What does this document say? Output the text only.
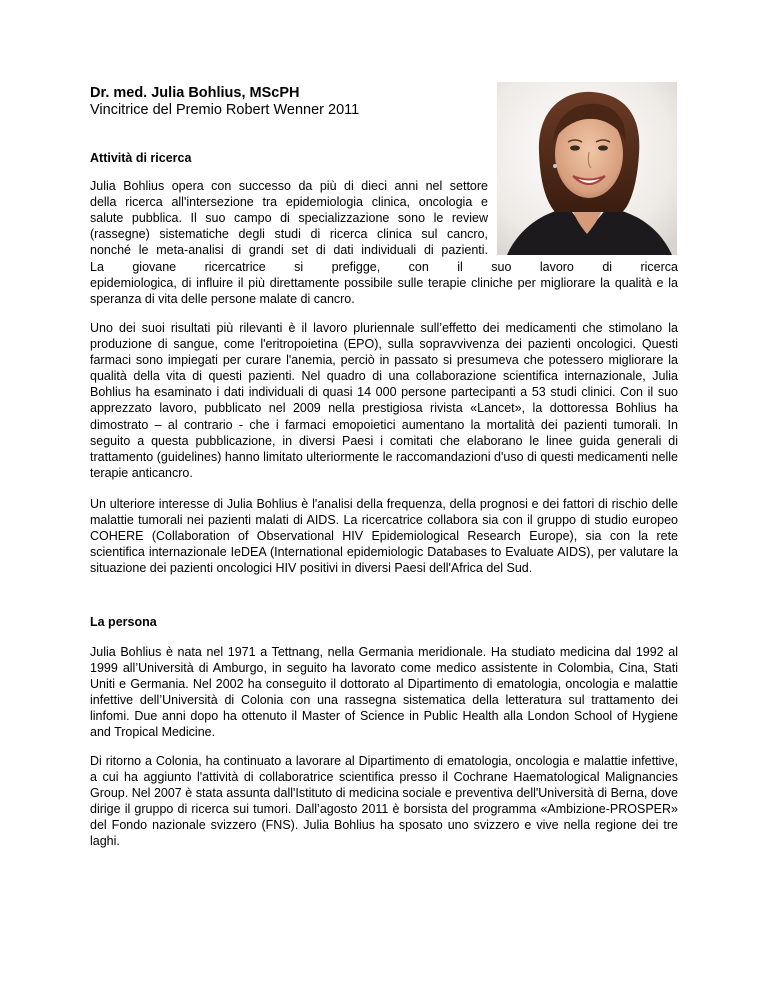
Dr. med. Julia Bohlius, MScPH
Vincitrice del Premio Robert Wenner 2011
Attività di ricerca
Julia Bohlius opera con successo da più di dieci anni nel settore
della ricerca all'intersezione tra epidemiologia clinica, oncologia e
salute pubblica. Il suo campo di specializzazione sono le review
(rassegne) sistematiche degli studi di ricerca clinica sul cancro,
nonché le meta-analisi di grandi set di dati individuali di pazienti.
La giovane ricercatrice si prefigge, con il suo lavoro di ricerca
epidemiologica, di influire il più direttamente possibile sulle terapie cliniche per migliorare la qualità e la speranza di vita delle persone malate di cancro.

Uno dei suoi risultati più rilevanti è il lavoro pluriennale sull’effetto dei medicamenti che stimolano la produzione di sangue, come l'eritropoietina (EPO), sulla sopravvivenza dei pazienti oncologici. Questi farmaci sono impiegati per curare l'anemia, perciò in passato si presumeva che potessero migliorare la qualità della vita di questi pazienti. Nel quadro di una collaborazione scientifica internazionale, Julia Bohlius ha esaminato i dati individuali di quasi 14 000 persone partecipanti a 53 studi clinici. Con il suo apprezzato lavoro, pubblicato nel 2009 nella prestigiosa rivista «Lancet», la dottoressa Bohlius ha dimostrato – al contrario - che i farmaci emopoietici aumentano la mortalità dei pazienti tumorali. In seguito a questa pubblicazione, in diversi Paesi i comitati che elaborano le linee guida generali di trattamento (guidelines) hanno limitato ulteriormente le raccomandazioni d'uso di questi medicamenti nelle terapie anticancro.

Un ulteriore interesse di Julia Bohlius è l'analisi della frequenza, della prognosi e dei fattori di rischio delle malattie tumorali nei pazienti malati di AIDS. La ricercatrice collabora sia con il gruppo di studio europeo COHERE (Collaboration of Observational HIV Epidemiological Research Europe), sia con la rete scientifica internazionale IeDEA (International epidemiologic Databases to Evaluate AIDS), per valutare la situazione dei pazienti oncologici HIV positivi in diversi Paesi dell'Africa del Sud.

La persona

Julia Bohlius è nata nel 1971 a Tettnang, nella Germania meridionale. Ha studiato medicina dal 1992 al 1999 all’Università di Amburgo, in seguito ha lavorato come medico assistente in Colombia, Cina, Stati Uniti e Germania. Nel 2002 ha conseguito il dottorato al Dipartimento di ematologia, oncologia e malattie infettive dell’Università di Colonia con una rassegna sistematica della letteratura sul trattamento dei linfomi. Due anni dopo ha ottenuto il Master of Science in Public Health alla London School of Hygiene and Tropical Medicine.

Di ritorno a Colonia, ha continuato a lavorare al Dipartimento di ematologia, oncologia e malattie infettive, a cui ha aggiunto l'attività di collaboratrice scientifica presso il Cochrane Haematological Malignancies Group. Nel 2007 è stata assunta dall'Istituto di medicina sociale e preventiva dell'Università di Berna, dove dirige il gruppo di ricerca sui tumori. Dall’agosto 2011 è borsista del programma «Ambizione-PROSPER» del Fondo nazionale svizzero (FNS). Julia Bohlius ha sposato uno svizzero e vive nella regione dei tre laghi.
